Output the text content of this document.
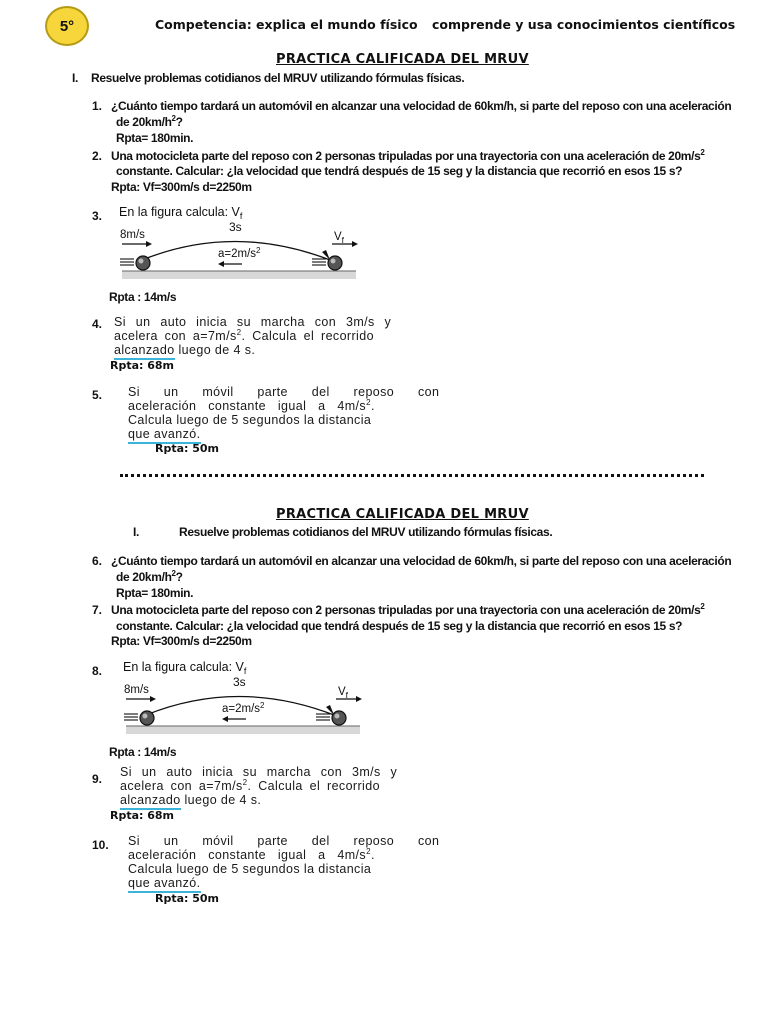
5°	Competencia: explica el mundo físico comprende y usa conocimientos científicos
PRACTICA CALIFICADA DEL MRUV
I. Resuelve problemas cotidianos del MRUV utilizando fórmulas físicas.
1. ¿Cuánto tiempo tardará un automóvil en alcanzar una velocidad de 60km/h, si parte del reposo con una aceleración
de $20km/h^2$?
Rpta= 180min.
2. Una motocicleta parte del reposo con 2 personas tripuladas por una trayectoria con una aceleración de $20m/s^2$
constante. Calcular: ¿la velocidad que tendrá después de 15 seg y la distancia que recorrió en esos 15 s?
Rpta: Vf=300m/s d=2250m
3. En la figura calcula: $V_f$
8m/s
3s
$V_f$
$a=2m/s^2$
Rpta : 14m/s
4. Si un auto inicia su marcha con 3m/s y
acelera con $a=7m/s^2$. Calcula el recorrido
alcanzado luego de 4 s.
Rpta: 68m
5. Si un móvil parte del reposo con
aceleración constante igual a $4m/s^2$.
Calcula luego de 5 segundos la distancia
que avanzó.
Rpta: 50m
PRACTICA CALIFICADA DEL MRUV
I.	Resuelve problemas cotidianos del MRUV utilizando fórmulas físicas.
6. ¿Cuánto tiempo tardará un automóvil en alcanzar una velocidad de 60km/h, si parte del reposo con una aceleración
de $20km/h^2$?
Rpta= 180min.
7. Una motocicleta parte del reposo con 2 personas tripuladas por una trayectoria con una aceleración de $20m/s^2$
constante. Calcular: ¿la velocidad que tendrá después de 15 seg y la distancia que recorrió en esos 15 s?
Rpta: Vf=300m/s d=2250m
8. En la figura calcula: $V_f$
8m/s
3s
$V_f$
$a=2m/s^2$
Rpta : 14m/s
9. Si un auto inicia su marcha con 3m/s y
acelera con $a=7m/s^2$. Calcula el recorrido
alcanzado luego de 4 s.
Rpta: 68m
10. Si un móvil parte del reposo con
aceleración constante igual a $4m/s^2$.
Calcula luego de 5 segundos la distancia
que avanzó.
Rpta: 50m
